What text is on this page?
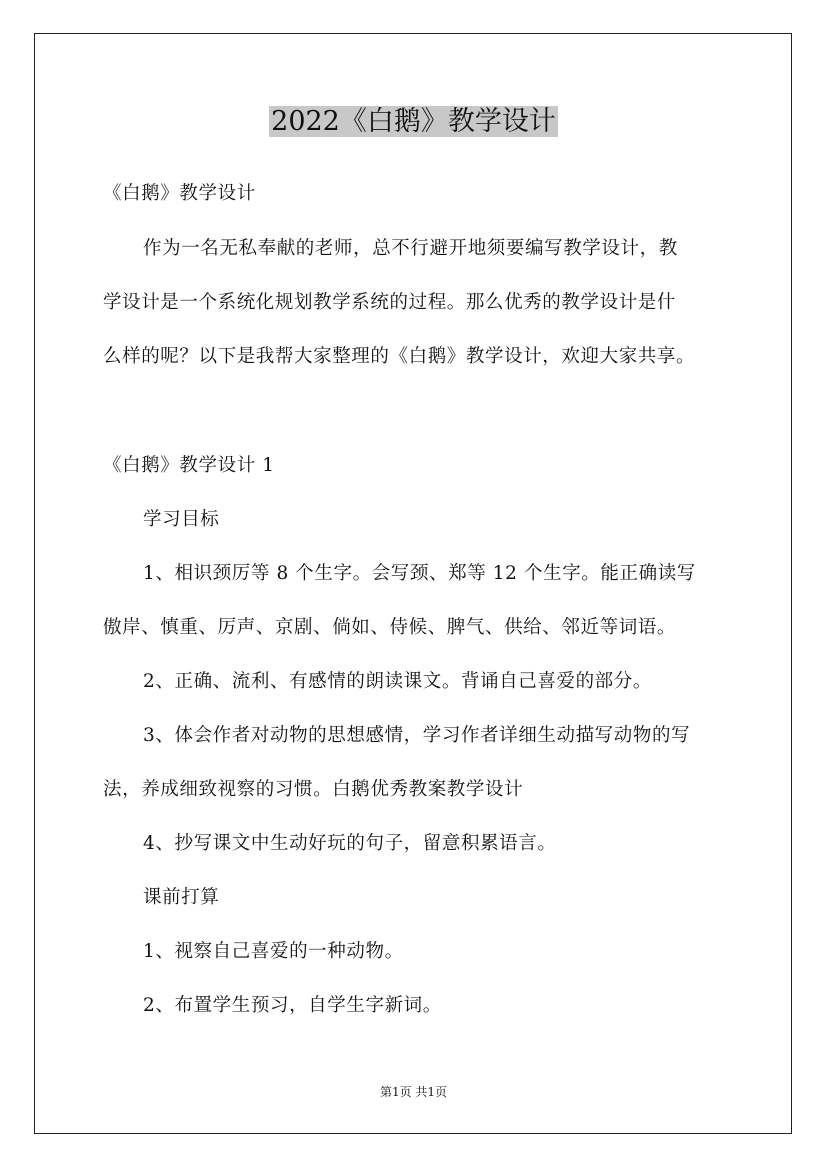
2022《白鹅》教学设计
《白鹅》教学设计
作为一名无私奉献的老师，总不行避开地须要编写教学设计，教
学设计是一个系统化规划教学系统的过程。那么优秀的教学设计是什
么样的呢？以下是我帮大家整理的《白鹅》教学设计，欢迎大家共享。
《白鹅》教学设计 1
学习目标
1、相识颈厉等 8 个生字。会写颈、郑等 12 个生字。能正确读写
傲岸、慎重、厉声、京剧、倘如、侍候、脾气、供给、邻近等词语。
2、正确、流利、有感情的朗读课文。背诵自己喜爱的部分。
3、体会作者对动物的思想感情，学习作者详细生动描写动物的写
法，养成细致视察的习惯。白鹅优秀教案教学设计
4、抄写课文中生动好玩的句子，留意积累语言。
课前打算
1、视察自己喜爱的一种动物。
2、布置学生预习，自学生字新词。
第1页 共1页
